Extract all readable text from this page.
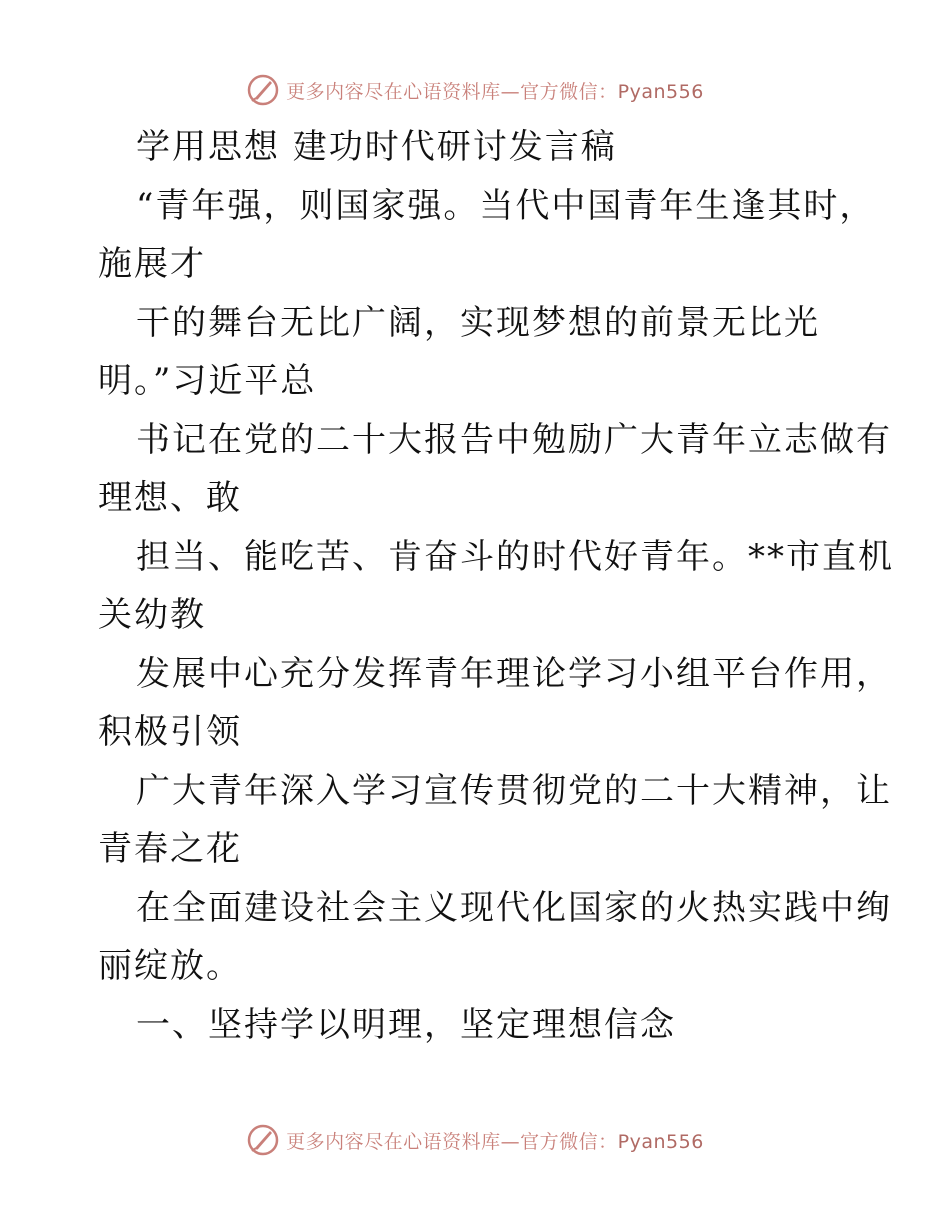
更多内容尽在心语资料库—官方微信：Pyan556
学用思想 建功时代研讨发言稿
“青年强，则国家强。当代中国青年生逢其时，
施展才
干的舞台无比广阔，实现梦想的前景无比光
明。”习近平总
书记在党的二十大报告中勉励广大青年立志做有
理想、敢
担当、能吃苦、肯奋斗的时代好青年。**市直机
关幼教
发展中心充分发挥青年理论学习小组平台作用，
积极引领
广大青年深入学习宣传贯彻党的二十大精神，让
青春之花
在全面建设社会主义现代化国家的火热实践中绚
丽绽放。
一、坚持学以明理，坚定理想信念
更多内容尽在心语资料库—官方微信：Pyan556
